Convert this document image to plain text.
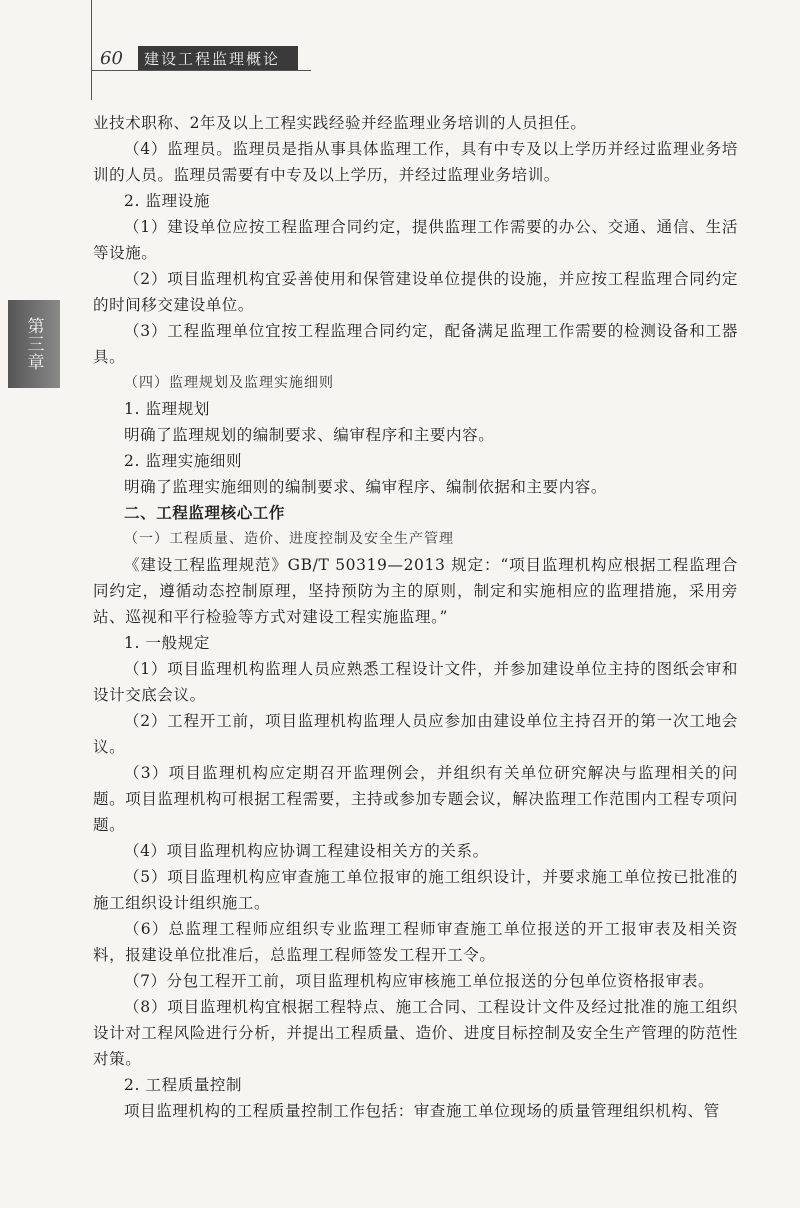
60	建设工程监理概论
第三章

业技术职称、2年及以上工程实践经验并经监理业务培训的人员担任。

（4）监理员。监理员是指从事具体监理工作，具有中专及以上学历并经过监理业务培训的人员。监理员需要有中专及以上学历，并经过监理业务培训。

2. 监理设施

（1）建设单位应按工程监理合同约定，提供监理工作需要的办公、交通、通信、生活等设施。

（2）项目监理机构宜妥善使用和保管建设单位提供的设施，并应按工程监理合同约定的时间移交建设单位。

（3）工程监理单位宜按工程监理合同约定，配备满足监理工作需要的检测设备和工器具。

（四）监理规划及监理实施细则

1. 监理规划

明确了监理规划的编制要求、编审程序和主要内容。

2. 监理实施细则

明确了监理实施细则的编制要求、编审程序、编制依据和主要内容。

二、工程监理核心工作

（一）工程质量、造价、进度控制及安全生产管理

《建设工程监理规范》GB/T 50319—2013 规定：“项目监理机构应根据工程监理合同约定，遵循动态控制原理，坚持预防为主的原则，制定和实施相应的监理措施，采用旁站、巡视和平行检验等方式对建设工程实施监理。”

1. 一般规定

（1）项目监理机构监理人员应熟悉工程设计文件，并参加建设单位主持的图纸会审和设计交底会议。

（2）工程开工前，项目监理机构监理人员应参加由建设单位主持召开的第一次工地会议。

（3）项目监理机构应定期召开监理例会，并组织有关单位研究解决与监理相关的问题。项目监理机构可根据工程需要，主持或参加专题会议，解决监理工作范围内工程专项问题。

（4）项目监理机构应协调工程建设相关方的关系。

（5）项目监理机构应审查施工单位报审的施工组织设计，并要求施工单位按已批准的施工组织设计组织施工。

（6）总监理工程师应组织专业监理工程师审查施工单位报送的开工报审表及相关资料，报建设单位批准后，总监理工程师签发工程开工令。

（7）分包工程开工前，项目监理机构应审核施工单位报送的分包单位资格报审表。

（8）项目监理机构宜根据工程特点、施工合同、工程设计文件及经过批准的施工组织设计对工程风险进行分析，并提出工程质量、造价、进度目标控制及安全生产管理的防范性对策。

2. 工程质量控制

项目监理机构的工程质量控制工作包括：审查施工单位现场的质量管理组织机构、管
